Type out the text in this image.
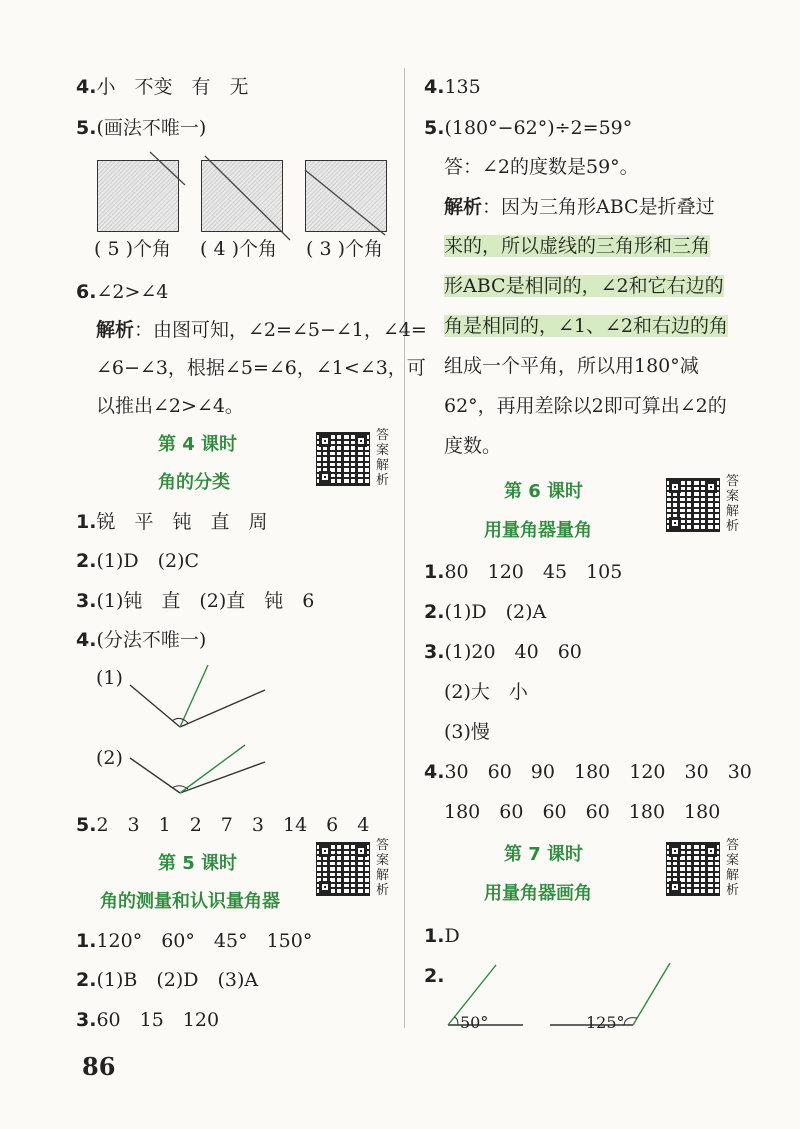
4.小　不变　有　无
5.(画法不唯一)
( 5 )个角 ( 4 )个角 ( 3 )个角
6.∠2>∠4
解析：由图可知，∠2=∠5−∠1，∠4=
∠6−∠3，根据∠5=∠6，∠1<∠3，可
以推出∠2>∠4。
第 4 课时
角的分类
答案解析
1.锐　平　钝　直　周
2.(1)D　(2)C
3.(1)钝　直　(2)直　钝　6
4.(分法不唯一)
(1)
(2)
5.2　3　1　2　7　3　14　6　4
第 5 课时
角的测量和认识量角器
答案解析
1.120°　60°　45°　150°
2.(1)B　(2)D　(3)A
3.60　15　120
86
4.135
5.(180°−62°)÷2=59°
答：∠2的度数是59°。
解析：因为三角形ABC是折叠过
来的，所以虚线的三角形和三角
形ABC是相同的，∠2和它右边的
角是相同的，∠1、∠2和右边的角
组成一个平角，所以用180°减
62°，再用差除以2即可算出∠2的
度数。
第 6 课时
用量角器量角
答案解析
1.80　120　45　105
2.(1)D　(2)A
3.(1)20　40　60
(2)大　小
(3)慢
4.30　60　90　180　120　30　30
180　60　60　60　180　180
第 7 课时
用量角器画角
答案解析
1.D
2.
50°	125°
